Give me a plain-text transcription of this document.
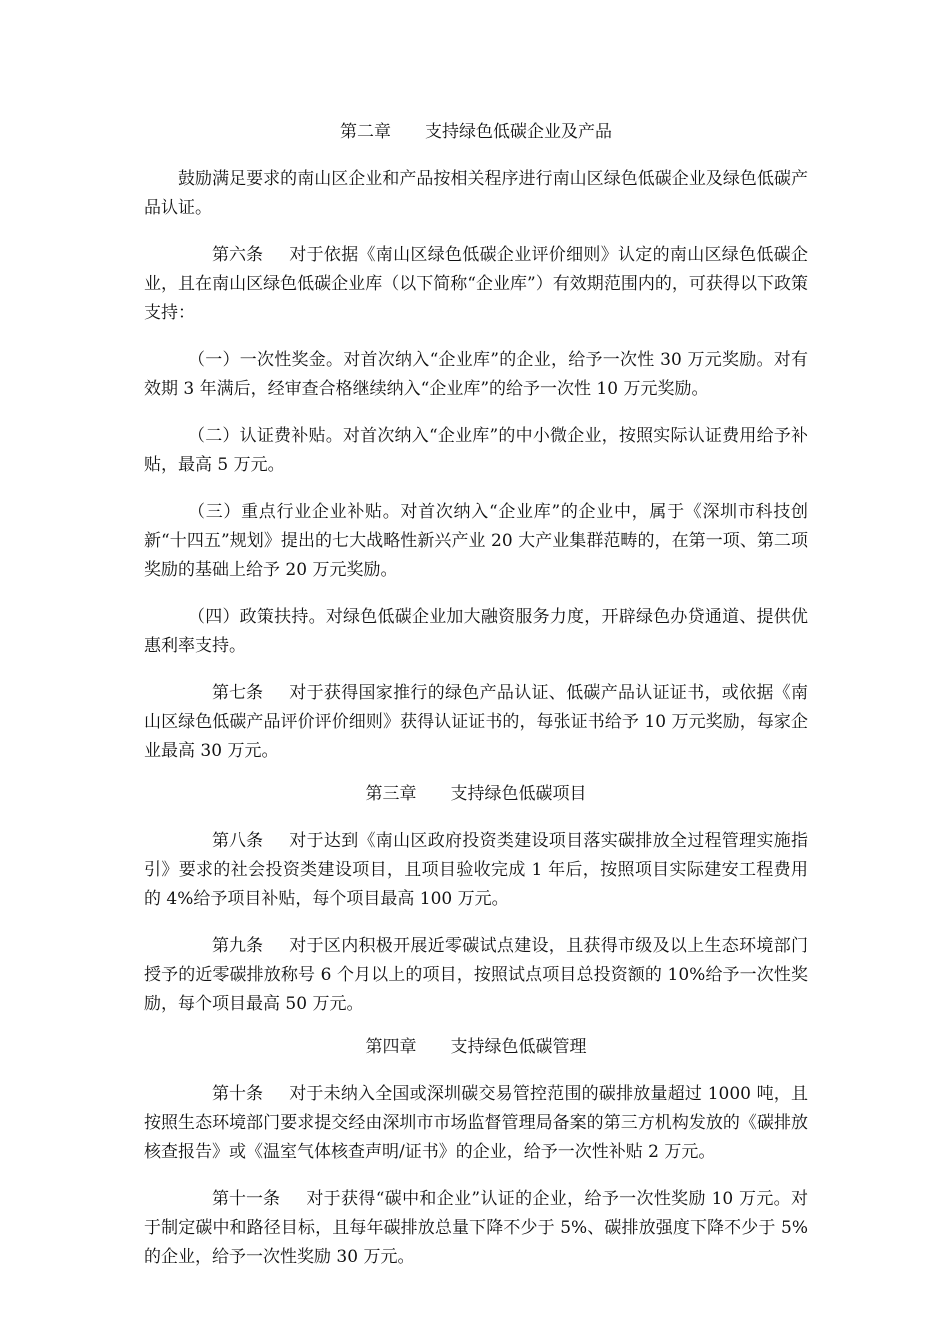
第二章　　支持绿色低碳企业及产品

鼓励满足要求的南山区企业和产品按相关程序进行南山区绿色低碳企业及绿色低碳产品认证。

第六条 对于依据《南山区绿色低碳企业评价细则》认定的南山区绿色低碳企业，且在南山区绿色低碳企业库（以下简称“企业库”）有效期范围内的，可获得以下政策支持：

（一）一次性奖金。对首次纳入“企业库”的企业，给予一次性 30 万元奖励。对有效期 3 年满后，经审查合格继续纳入“企业库”的给予一次性 10 万元奖励。

（二）认证费补贴。对首次纳入“企业库”的中小微企业，按照实际认证费用给予补贴，最高 5 万元。

（三）重点行业企业补贴。对首次纳入“企业库”的企业中，属于《深圳市科技创新“十四五”规划》提出的七大战略性新兴产业 20 大产业集群范畴的，在第一项、第二项奖励的基础上给予 20 万元奖励。

（四）政策扶持。对绿色低碳企业加大融资服务力度，开辟绿色办贷通道、提供优惠利率支持。

第七条 对于获得国家推行的绿色产品认证、低碳产品认证证书，或依据《南山区绿色低碳产品评价评价细则》获得认证证书的，每张证书给予 10 万元奖励，每家企业最高 30 万元。

第三章　　支持绿色低碳项目

第八条 对于达到《南山区政府投资类建设项目落实碳排放全过程管理实施指引》要求的社会投资类建设项目，且项目验收完成 1 年后，按照项目实际建安工程费用的 4%给予项目补贴，每个项目最高 100 万元。

第九条 对于区内积极开展近零碳试点建设，且获得市级及以上生态环境部门授予的近零碳排放称号 6 个月以上的项目，按照试点项目总投资额的 10%给予一次性奖励，每个项目最高 50 万元。

第四章　　支持绿色低碳管理

第十条 对于未纳入全国或深圳碳交易管控范围的碳排放量超过 1000 吨，且按照生态环境部门要求提交经由深圳市市场监督管理局备案的第三方机构发放的《碳排放核查报告》或《温室气体核查声明/证书》的企业，给予一次性补贴 2 万元。

第十一条 对于获得“碳中和企业”认证的企业，给予一次性奖励 10 万元。对于制定碳中和路径目标，且每年碳排放总量下降不少于 5%、碳排放强度下降不少于 5%的企业，给予一次性奖励 30 万元。
